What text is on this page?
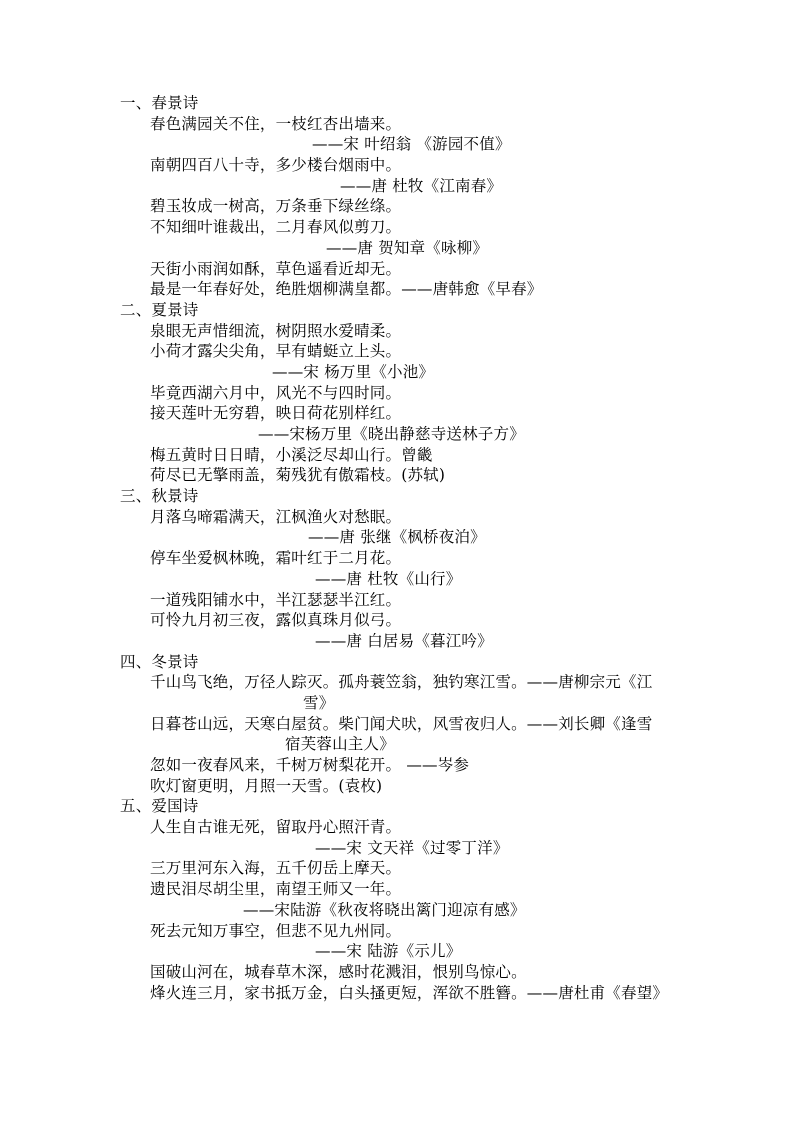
一、春景诗
春色满园关不住，一枝红杏出墙来。
——宋 叶绍翁 《游园不值》
南朝四百八十寺，多少楼台烟雨中。
——唐 杜牧《江南春》
碧玉妆成一树高，万条垂下绿丝绦。
不知细叶谁裁出，二月春风似剪刀。
——唐 贺知章《咏柳》
天街小雨润如酥，草色遥看近却无。
最是一年春好处，绝胜烟柳满皇都。——唐韩愈《早春》
二、夏景诗
泉眼无声惜细流，树阴照水爱晴柔。
小荷才露尖尖角，早有蜻蜓立上头。
——宋 杨万里《小池》
毕竟西湖六月中，风光不与四时同。
接天莲叶无穷碧，映日荷花别样红。
——宋杨万里《晓出静慈寺送林子方》
梅五黄时日日晴，小溪泛尽却山行。曾畿
荷尽已无擎雨盖，菊残犹有傲霜枝。(苏轼)
三、秋景诗
月落乌啼霜满天，江枫渔火对愁眠。
——唐 张继《枫桥夜泊》
停车坐爱枫林晚，霜叶红于二月花。
——唐 杜牧《山行》
一道残阳铺水中，半江瑟瑟半江红。
可怜九月初三夜，露似真珠月似弓。
——唐 白居易《暮江吟》
四、冬景诗
千山鸟飞绝，万径人踪灭。孤舟蓑笠翁，独钓寒江雪。——唐柳宗元《江
雪》
日暮苍山远，天寒白屋贫。柴门闻犬吠，风雪夜归人。——刘长卿《逢雪
宿芙蓉山主人》
忽如一夜春风来，千树万树梨花开。 ——岑参
吹灯窗更明，月照一天雪。(袁枚)
五、爱国诗
人生自古谁无死，留取丹心照汗青。
——宋 文天祥《过零丁洋》
三万里河东入海，五千仞岳上摩天。
遗民泪尽胡尘里，南望王师又一年。
——宋陆游《秋夜将晓出篱门迎凉有感》
死去元知万事空，但悲不见九州同。
——宋 陆游《示儿》
国破山河在，城春草木深，感时花溅泪，恨别鸟惊心。
烽火连三月，家书抵万金，白头搔更短，浑欲不胜簪。——唐杜甫《春望》
